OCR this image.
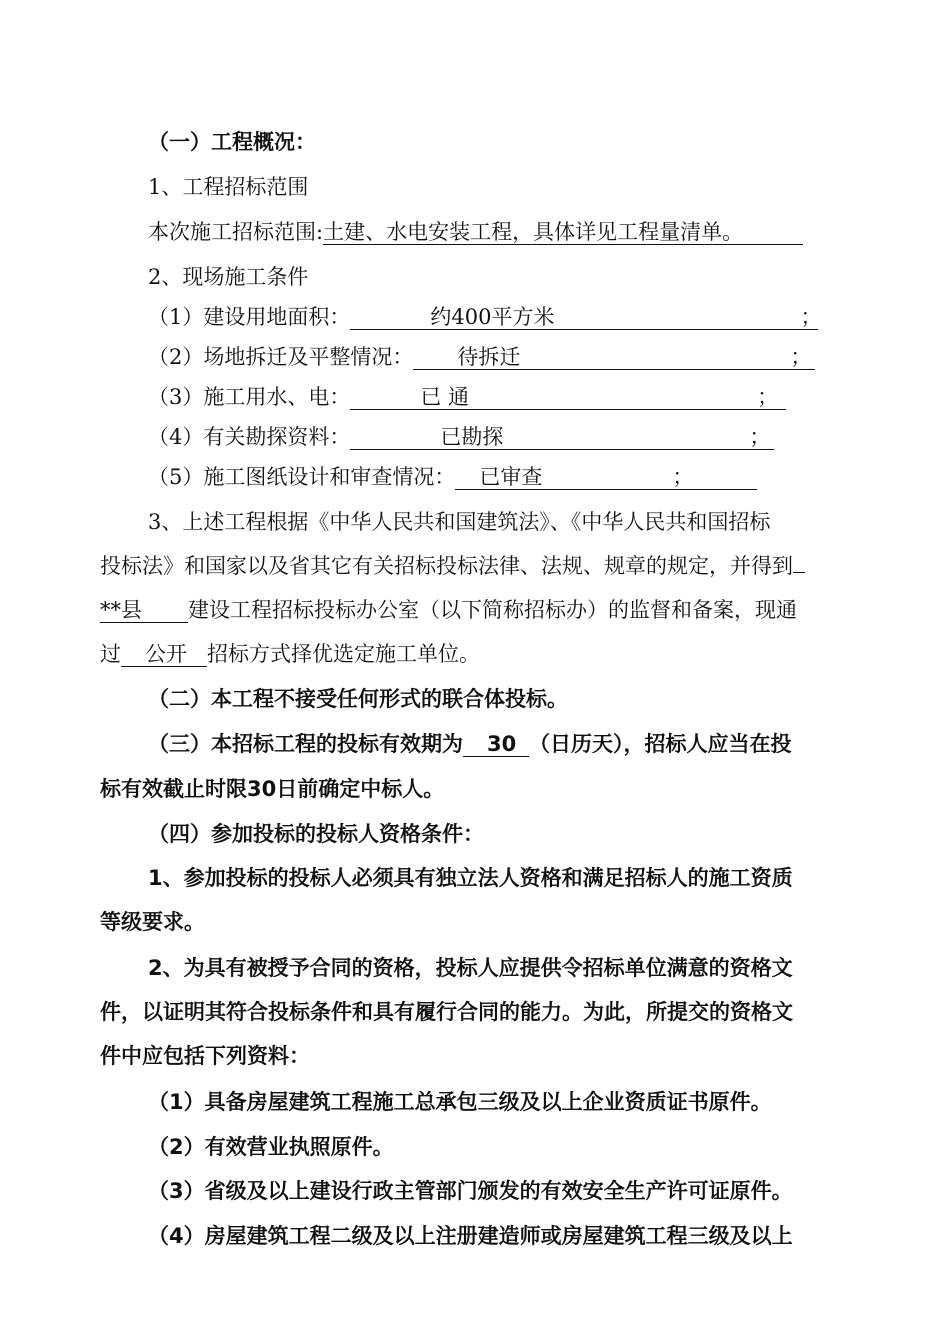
（一）工程概况：
1、工程招标范围
本次施工招标范围:土建、水电安装工程，具体详见工程量清单。
2、现场施工条件
（1）建设用地面积：	约400平方米	；
（2）场地拆迁及平整情况： 待拆迁	；
（3）施工用水、电：	已 通	；
（4）有关勘探资料：	已勘探	；
（5）施工图纸设计和审查情况： 已审查	；
3、上述工程根据《中华人民共和国建筑法》、《中华人民共和国招标
投标法》和国家以及省其它有关招标投标法律、法规、规章的规定，并得到
**县 建设工程招标投标办公室（以下简称招标办）的监督和备案，现通
过 公开 招标方式择优选定施工单位。
（二）本工程不接受任何形式的联合体投标。
（三）本招标工程的投标有效期为 30 （日历天），招标人应当在投
标有效截止时限30日前确定中标人。
（四）参加投标的投标人资格条件：
1、参加投标的投标人必须具有独立法人资格和满足招标人的施工资质
等级要求。
2、为具有被授予合同的资格，投标人应提供令招标单位满意的资格文
件，以证明其符合投标条件和具有履行合同的能力。为此，所提交的资格文
件中应包括下列资料：
（1）具备房屋建筑工程施工总承包三级及以上企业资质证书原件。
（2）有效营业执照原件。
（3）省级及以上建设行政主管部门颁发的有效安全生产许可证原件。
（4）房屋建筑工程二级及以上注册建造师或房屋建筑工程三级及以上
